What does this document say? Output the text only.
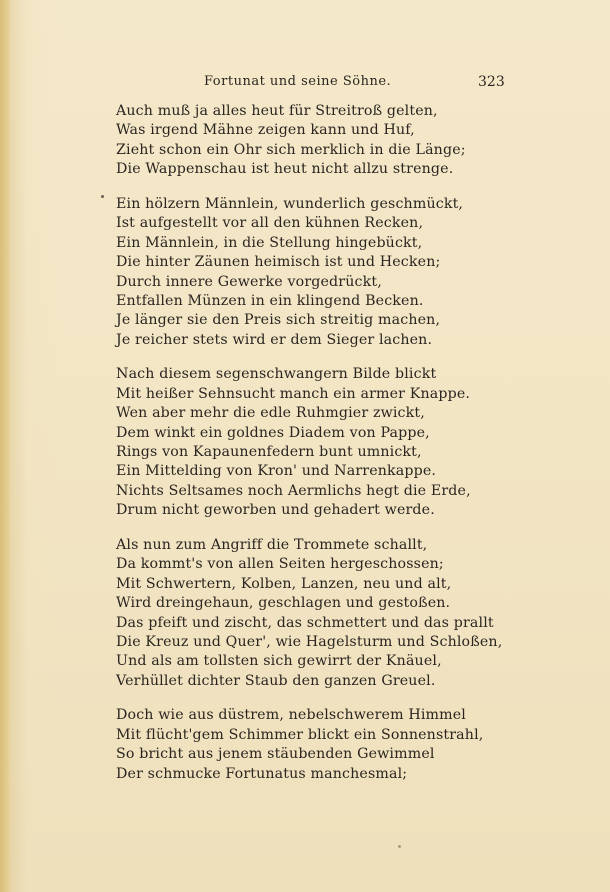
Fortunat und seine Söhne.	323
Auch muß ja alles heut für Streitroß gelten,
Was irgend Mähne zeigen kann und Huf,
Zieht schon ein Ohr sich merklich in die Länge;
Die Wappenschau ist heut nicht allzu strenge.
Ein hölzern Männlein, wunderlich geschmückt,
Ist aufgestellt vor all den kühnen Recken,
Ein Männlein, in die Stellung hingebückt,
Die hinter Zäunen heimisch ist und Hecken;
Durch innere Gewerke vorgedrückt,
Entfallen Münzen in ein klingend Becken.
Je länger sie den Preis sich streitig machen,
Je reicher stets wird er dem Sieger lachen.
Nach diesem segenschwangern Bilde blickt
Mit heißer Sehnsucht manch ein armer Knappe.
Wen aber mehr die edle Ruhmgier zwickt,
Dem winkt ein goldnes Diadem von Pappe,
Rings von Kapaunenfedern bunt umnickt,
Ein Mittelding von Kron' und Narrenkappe.
Nichts Seltsames noch Aermlichs hegt die Erde,
Drum nicht geworben und gehadert werde.
Als nun zum Angriff die Trommete schallt,
Da kommt's von allen Seiten hergeschossen;
Mit Schwertern, Kolben, Lanzen, neu und alt,
Wird dreingehaun, geschlagen und gestoßen.
Das pfeift und zischt, das schmettert und das prallt
Die Kreuz und Quer', wie Hagelsturm und Schloßen,
Und als am tollsten sich gewirrt der Knäuel,
Verhüllet dichter Staub den ganzen Greuel.
Doch wie aus düstrem, nebelschwerem Himmel
Mit flücht'gem Schimmer blickt ein Sonnenstrahl,
So bricht aus jenem stäubenden Gewimmel
Der schmucke Fortunatus manchesmal;
